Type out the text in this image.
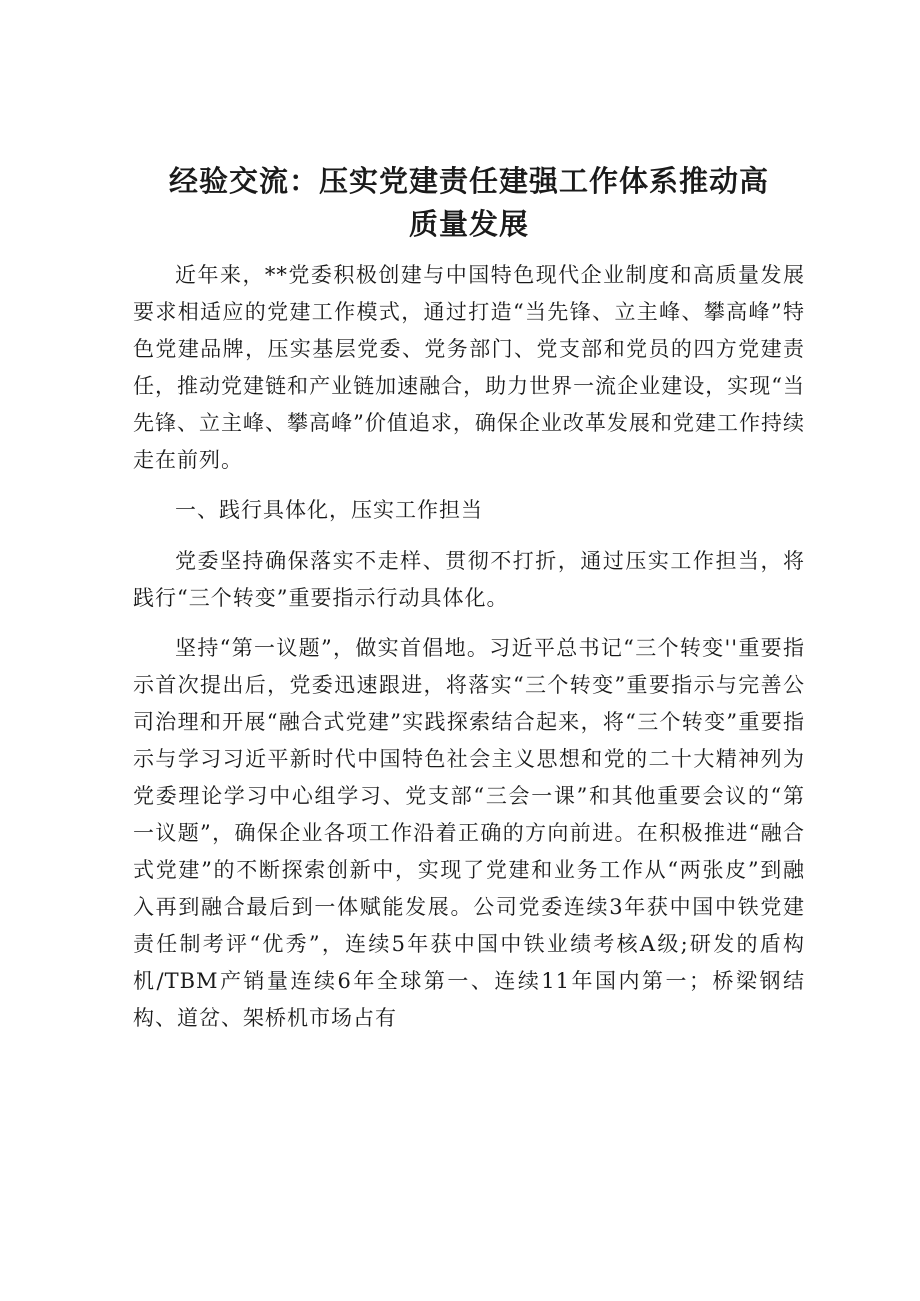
经验交流：压实党建责任建强工作体系推动高质量发展

近年来，**党委积极创建与中国特色现代企业制度和高质量发展要求相适应的党建工作模式，通过打造“当先锋、立主峰、攀高峰”特色党建品牌，压实基层党委、党务部门、党支部和党员的四方党建责任，推动党建链和产业链加速融合，助力世界一流企业建设，实现“当先锋、立主峰、攀高峰”价值追求，确保企业改革发展和党建工作持续走在前列。

一、践行具体化，压实工作担当

党委坚持确保落实不走样、贯彻不打折，通过压实工作担当，将践行“三个转变”重要指示行动具体化。

坚持“第一议题”，做实首倡地。习近平总书记“三个转变''重要指示首次提出后，党委迅速跟进，将落实“三个转变”重要指示与完善公司治理和开展“融合式党建”实践探索结合起来，将“三个转变”重要指示与学习习近平新时代中国特色社会主义思想和党的二十大精神列为党委理论学习中心组学习、党支部“三会一课”和其他重要会议的“第一议题”，确保企业各项工作沿着正确的方向前进。在积极推进“融合式党建”的不断探索创新中，实现了党建和业务工作从“两张皮”到融入再到融合最后到一体赋能发展。公司党委连续3年获中国中铁党建责任制考评“优秀”，连续5年获中国中铁业绩考核A级;研发的盾构机/TBM产销量连续6年全球第一、连续11年国内第一；桥梁钢结构、道岔、架桥机市场占有
